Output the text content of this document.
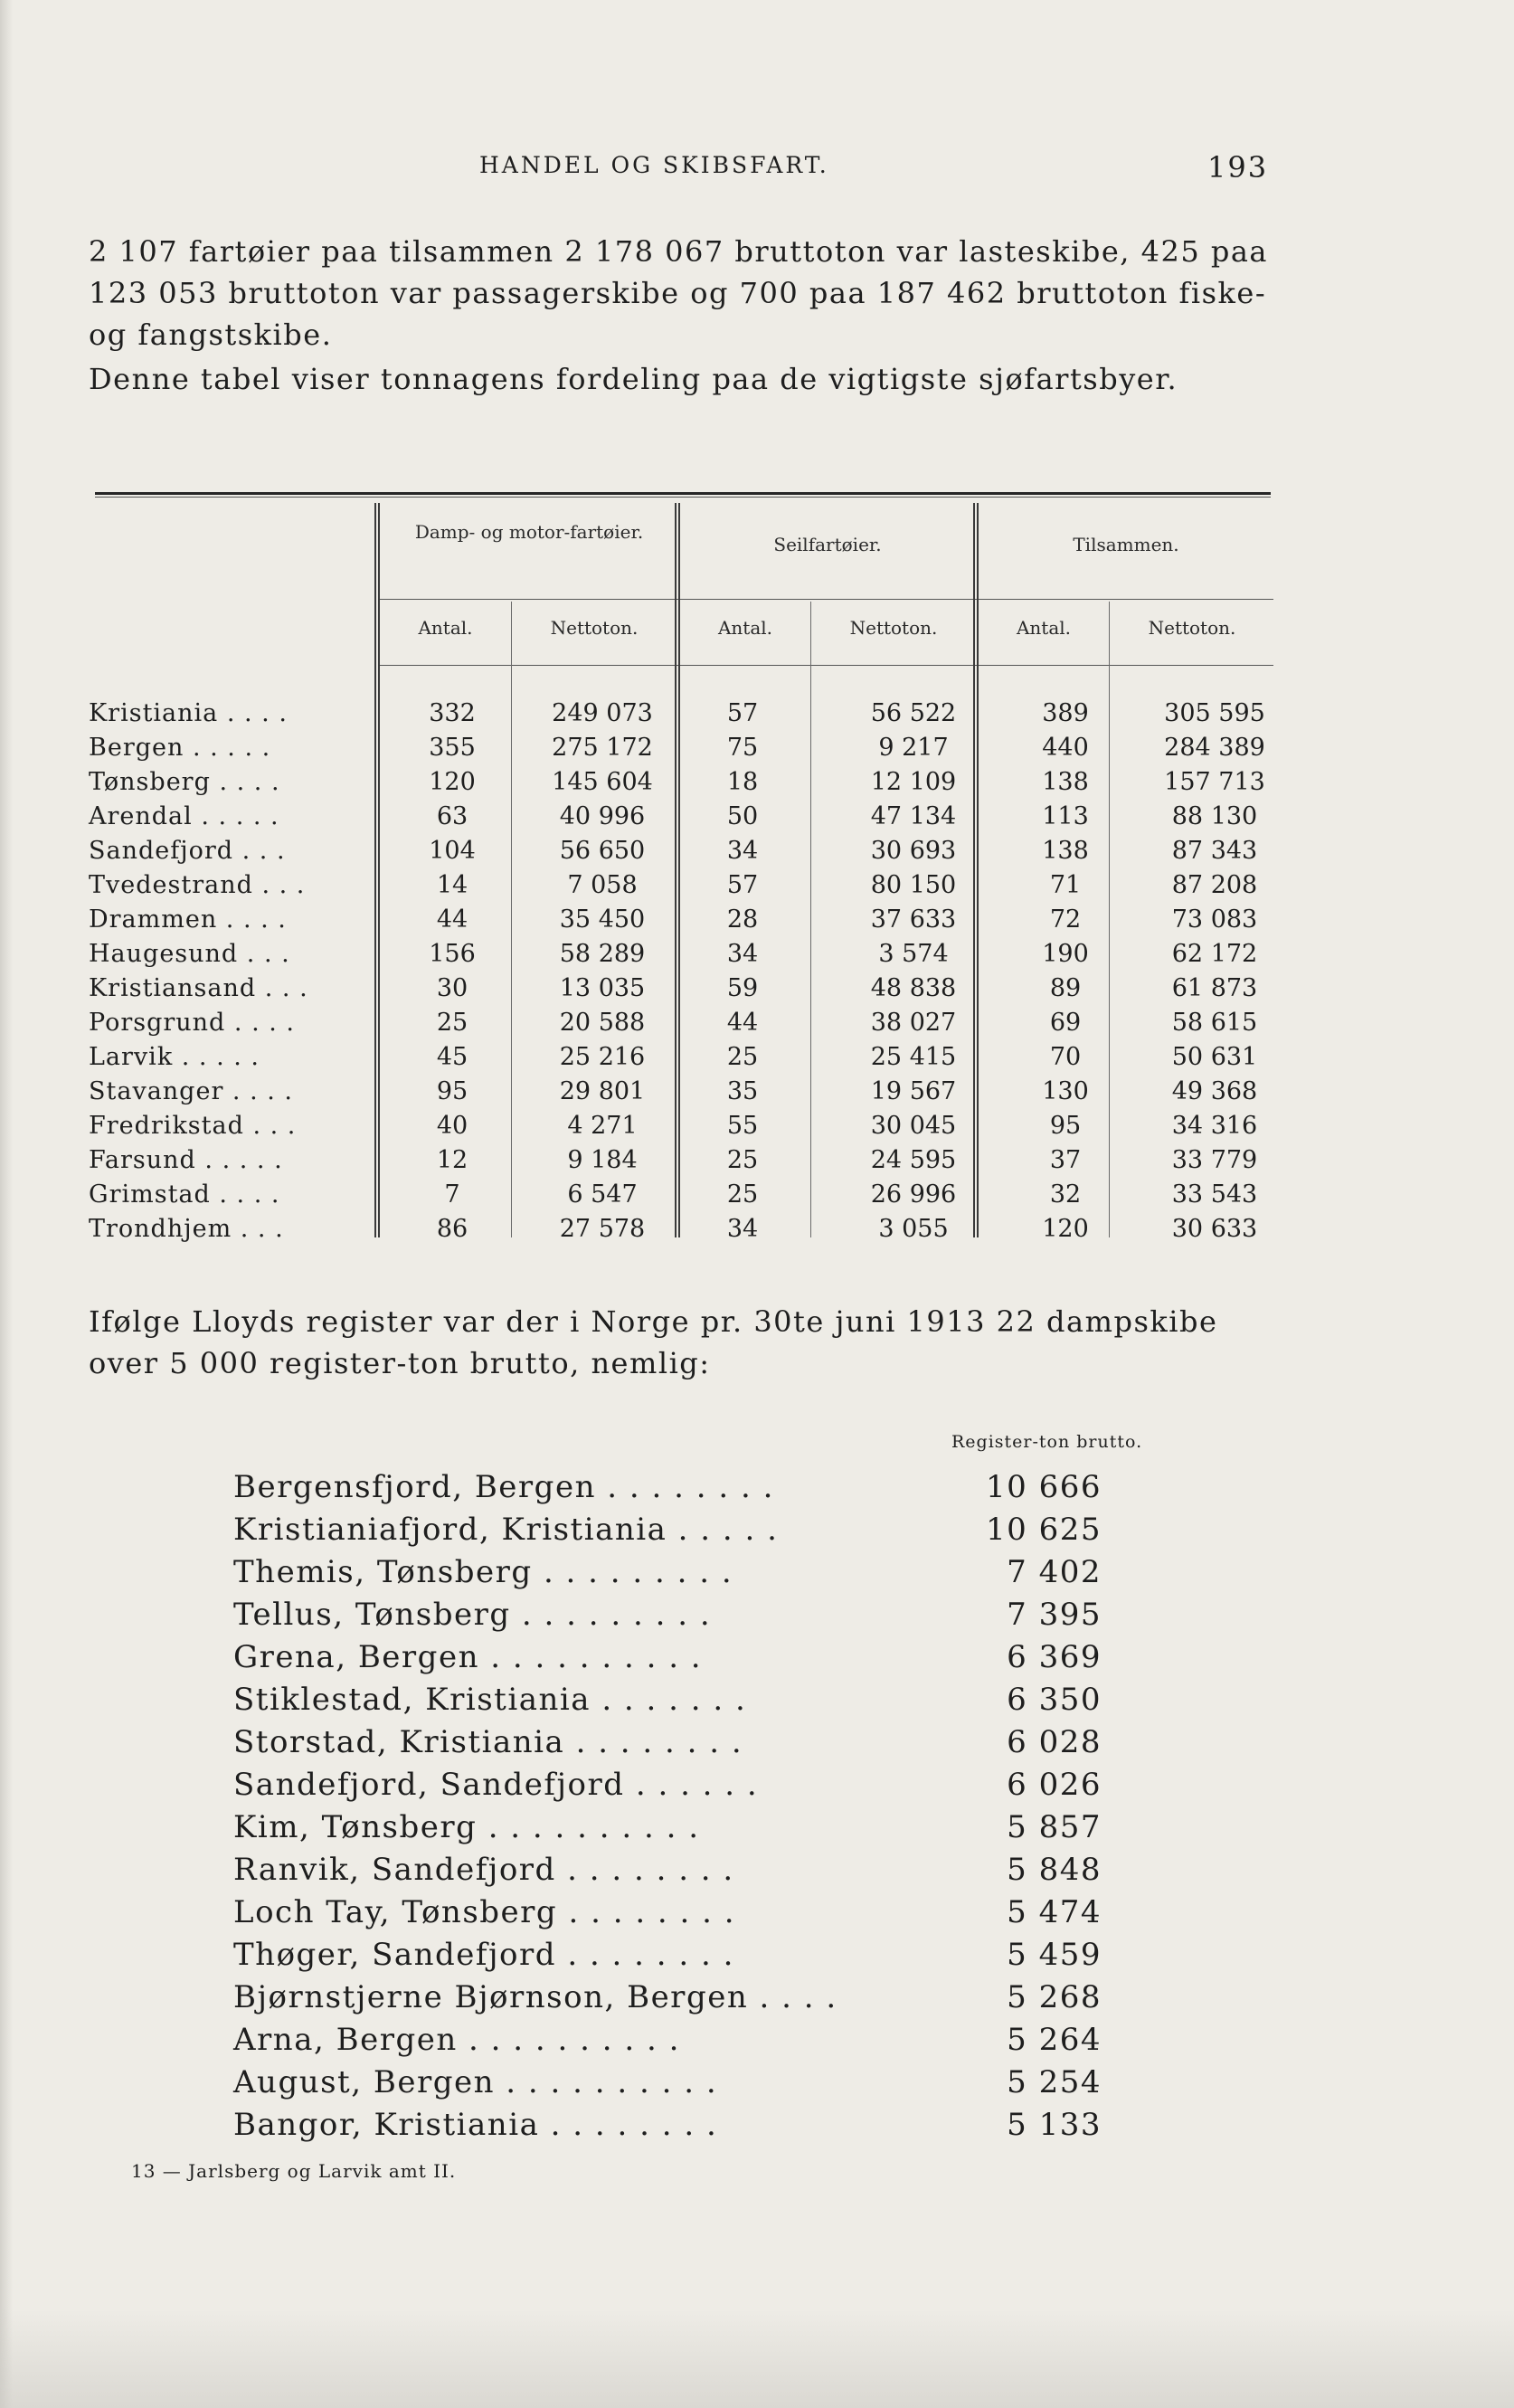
HANDEL OG SKIBSFART.	193

2 107 fartøier paa tilsammen 2 178 067 bruttoton var lasteskibe, 425 paa 123 053 bruttoton var passagerskibe og 700 paa 187 462 bruttoton fiske- og fangstskibe.

Denne tabel viser tonnagens fordeling paa de vigtigste sjøfartsbyer.

Damp- og motor-fartøier.
Seilfartøier.	Tilsammen.
Antal.	Nettoton.	Antal.	Nettoton.	Antal.	Nettoton.
Kristiania . . . .	332	249 073	57	56 522	389	305 595
Bergen . . . . .	355	275 172	75	9 217	440	284 389
Tønsberg . . . .	120	145 604	18	12 109	138	157 713
Arendal . . . . .	63	40 996	50	47 134	113	88 130
Sandefjord . . .	104	56 650	34	30 693	138	87 343
Tvedestrand . . .	14	7 058	57	80 150	71	87 208
Drammen . . . .	44	35 450	28	37 633	72	73 083
Haugesund . . .	156	58 289	34	3 574	190	62 172
Kristiansand . . .	30	13 035	59	48 838	89	61 873
Porsgrund . . . .	25	20 588	44	38 027	69	58 615
Larvik . . . . .	45	25 216	25	25 415	70	50 631
Stavanger . . . .	95	29 801	35	19 567	130	49 368
Fredrikstad . . .	40	4 271	55	30 045	95	34 316
Farsund . . . . .	12	9 184	25	24 595	37	33 779
Grimstad . . . .	7	6 547	25	26 996	32	33 543
Trondhjem . . .	86	27 578	34	3 055	120	30 633

Ifølge Lloyds register var der i Norge pr. 30te juni 1913 22 dampskibe over 5 000 register-ton brutto, nemlig:

Register-ton brutto.
Bergensfjord, Bergen . . . . . . . .	10 666
Kristianiafjord, Kristiania . . . . .	10 625
Themis, Tønsberg . . . . . . . . .	7 402
Tellus, Tønsberg . . . . . . . . .	7 395
Grena, Bergen . . . . . . . . . .	6 369
Stiklestad, Kristiania . . . . . . .	6 350
Storstad, Kristiania . . . . . . . .	6 028
Sandefjord, Sandefjord . . . . . .	6 026
Kim, Tønsberg . . . . . . . . . .	5 857
Ranvik, Sandefjord . . . . . . . .	5 848
Loch Tay, Tønsberg . . . . . . . .	5 474
Thøger, Sandefjord . . . . . . . .	5 459
Bjørnstjerne Bjørnson, Bergen . . . .	5 268
Arna, Bergen . . . . . . . . . .	5 264
August, Bergen . . . . . . . . . .	5 254
Bangor, Kristiania . . . . . . . .	5 133
13 — Jarlsberg og Larvik amt II.
